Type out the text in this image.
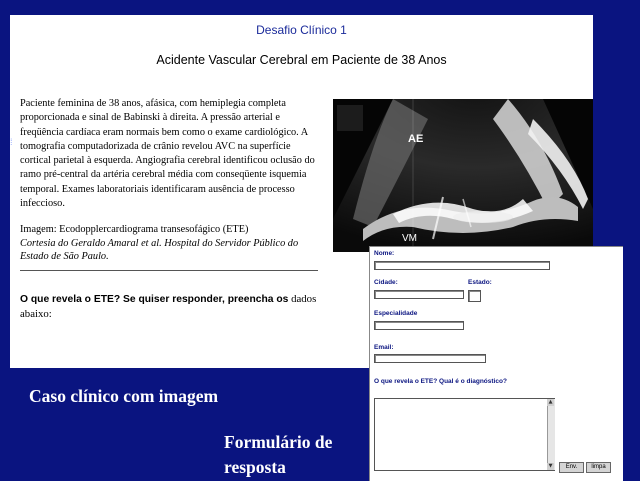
Desafio Clínico 1
Acidente Vascular Cerebral em Paciente de 38 Anos
Paciente feminina de 38 anos, afásica, com hemiplegia completa proporcionada e sinal de Babinski à direita. A pressão arterial e freqüência cardíaca eram normais bem como o exame cardiológico. A tomografia computadorizada de crânio revelou AVC na superfície cortical parietal à esquerda. Angiografia cerebral identificou oclusão do ramo pré-central da artéria cerebral média com conseqüente isquemia temporal. Exames laboratoriais identificaram ausência de processo infeccioso.
Imagem: Ecodopplercardiograma transesofágico (ETE)
Cortesia do Geraldo Amaral et al. Hospital do Servidor Público do Estado de São Paulo.
O que revela o ETE? Se quiser responder, preencha os dados abaixo:
AE
VM
⁞
Nome:
Cidade:	Estado:
Especialidade
Email:
O que revela o ETE? Qual é o diagnóstico?
▲
▼	Env.	limpa
Caso clínico com imagem
Formulário de
resposta
